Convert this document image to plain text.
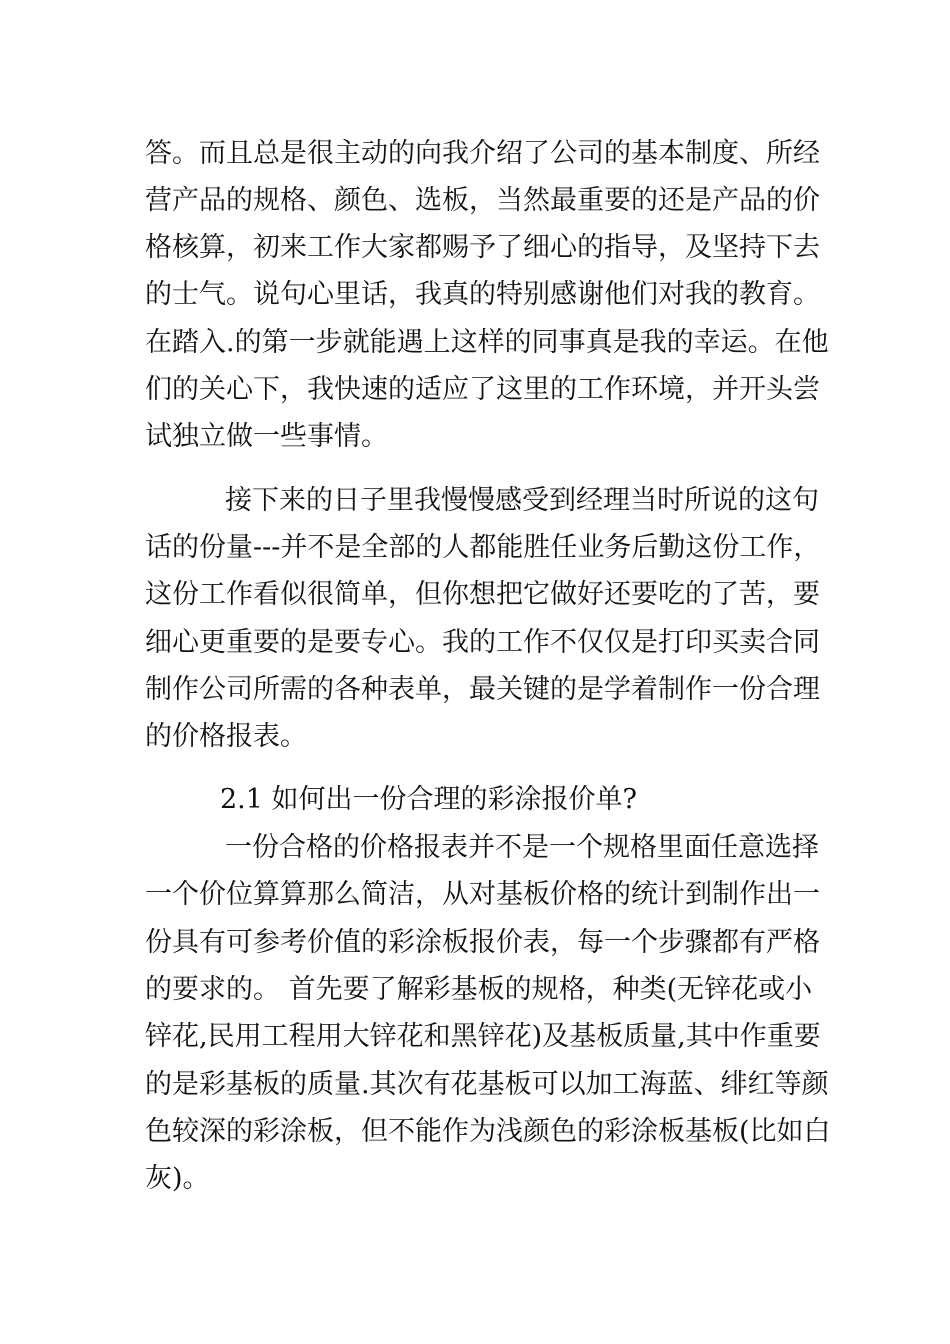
答。而且总是很主动的向我介绍了公司的基本制度、所经
营产品的规格、颜色、选板，当然最重要的还是产品的价
格核算，初来工作大家都赐予了细心的指导，及坚持下去
的士气。说句心里话，我真的特别感谢他们对我的教育。
在踏入.的第一步就能遇上这样的同事真是我的幸运。在他
们的关心下，我快速的适应了这里的工作环境，并开头尝
试独立做一些事情。
接下来的日子里我慢慢感受到经理当时所说的这句
话的份量---并不是全部的人都能胜任业务后勤这份工作，
这份工作看似很简单，但你想把它做好还要吃的了苦，要
细心更重要的是要专心。我的工作不仅仅是打印买卖合同
制作公司所需的各种表单，最关键的是学着制作一份合理
的价格报表。
2.1 如何出一份合理的彩涂报价单?
一份合格的价格报表并不是一个规格里面任意选择
一个价位算算那么简洁，从对基板价格的统计到制作出一
份具有可参考价值的彩涂板报价表，每一个步骤都有严格
的要求的。 首先要了解彩基板的规格，种类(无锌花或小
锌花,民用工程用大锌花和黑锌花)及基板质量,其中作重要
的是彩基板的质量.其次有花基板可以加工海蓝、绯红等颜
色较深的彩涂板，但不能作为浅颜色的彩涂板基板(比如白
灰)。
